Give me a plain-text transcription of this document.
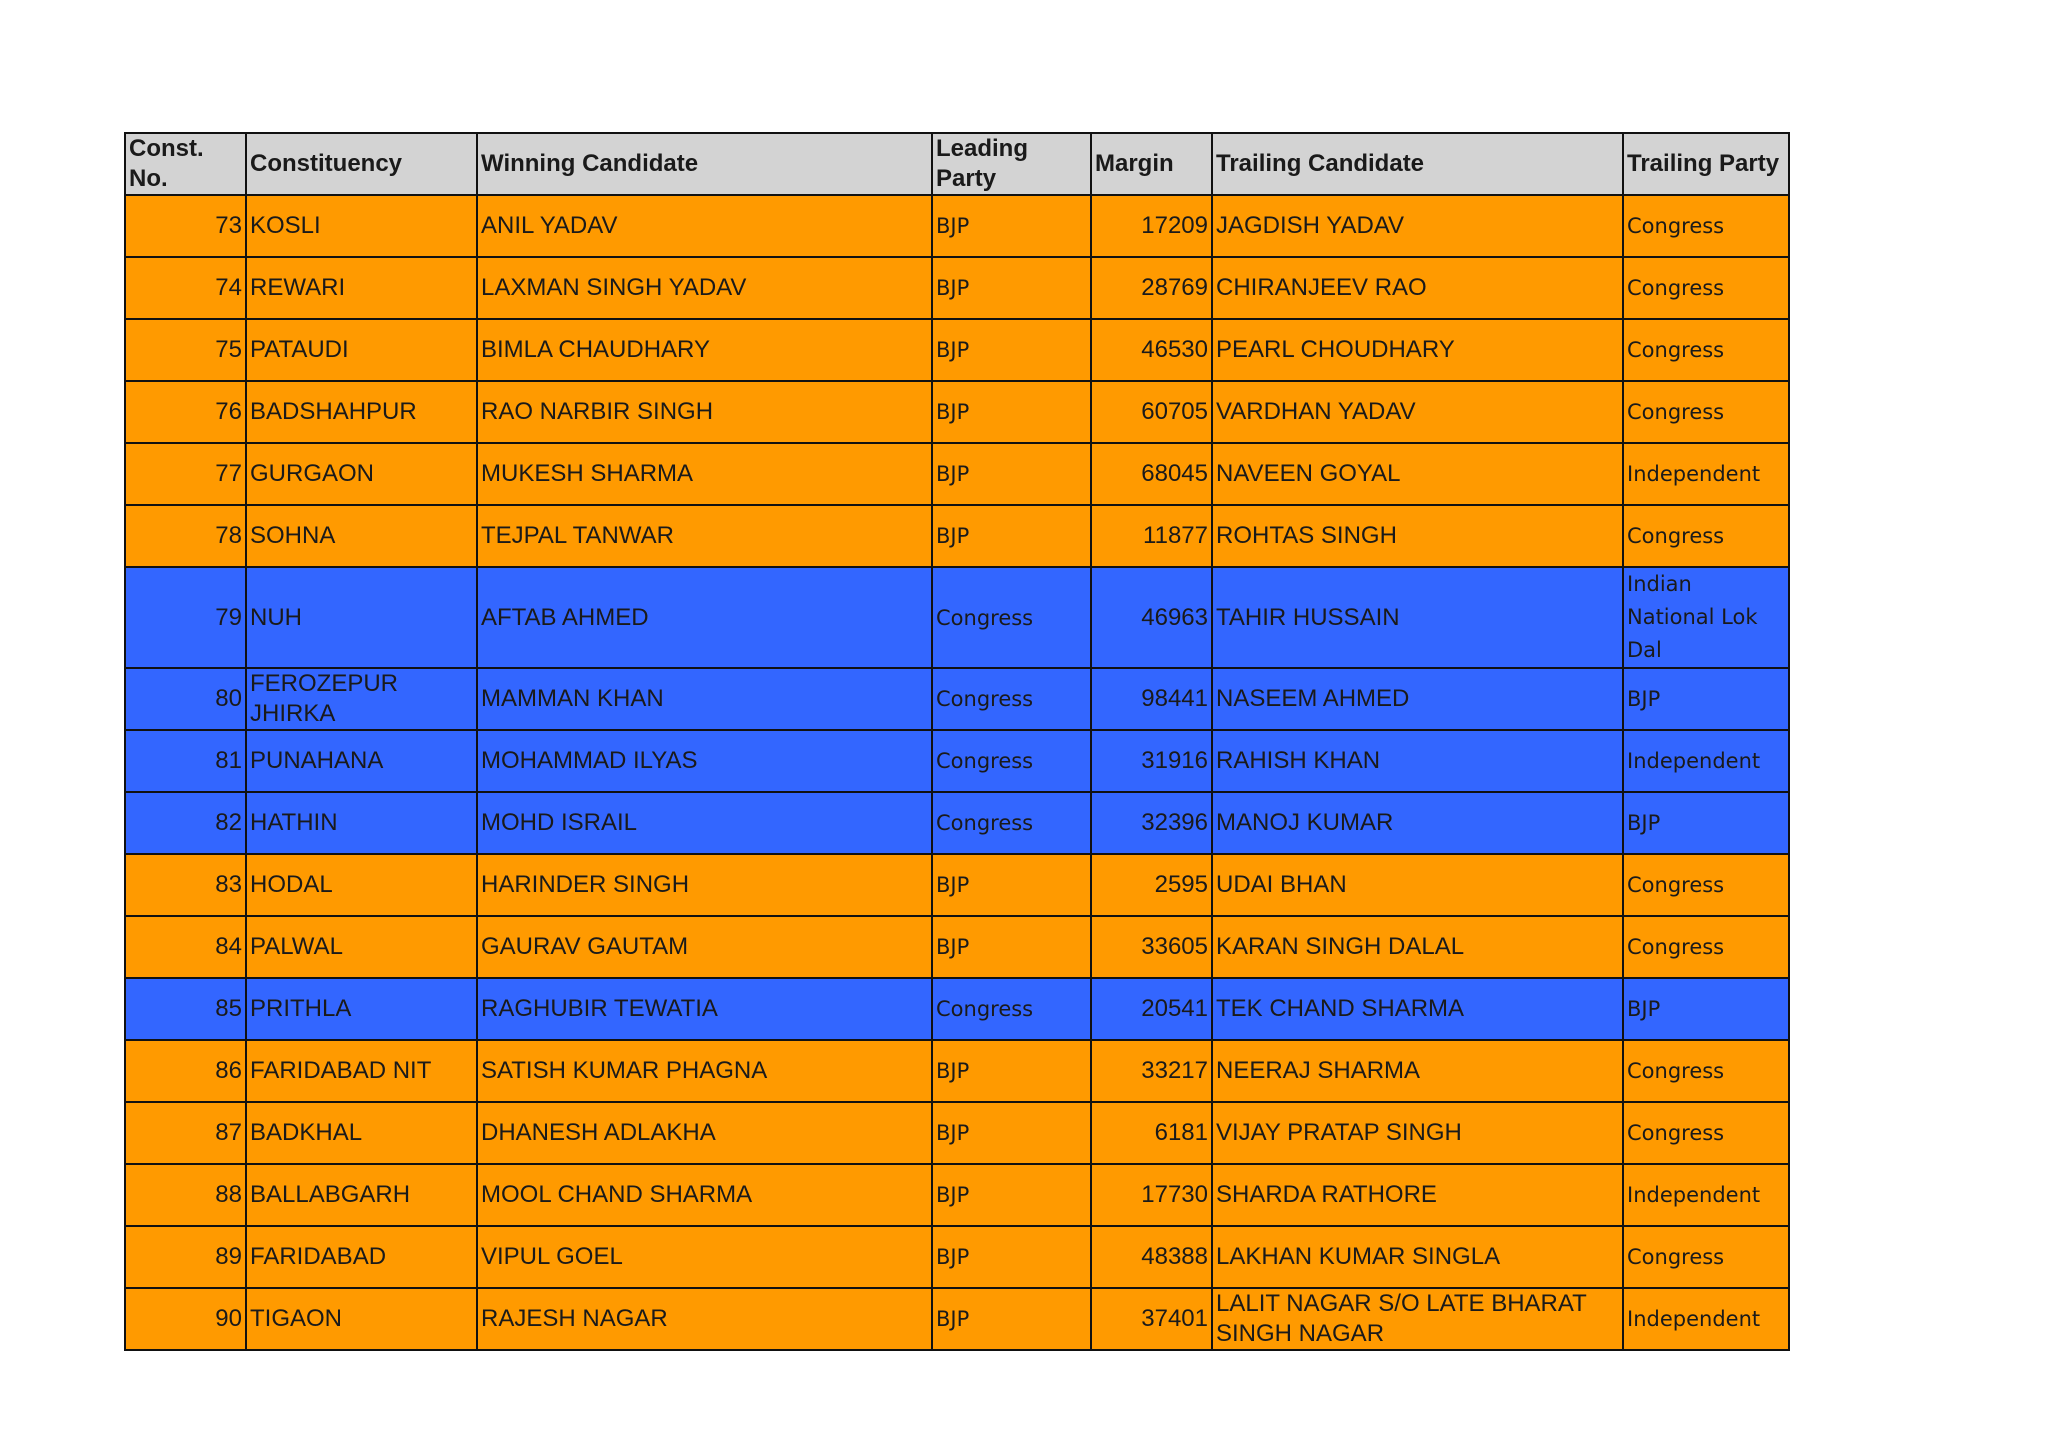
Const. No.	Constituency	Winning Candidate	Leading Party	Margin	Trailing Candidate	Trailing Party
73	KOSLI	ANIL YADAV	BJP	17209	JAGDISH YADAV	Congress
74	REWARI	LAXMAN SINGH YADAV	BJP	28769	CHIRANJEEV RAO	Congress
75	PATAUDI	BIMLA CHAUDHARY	BJP	46530	PEARL CHOUDHARY	Congress
76	BADSHAHPUR	RAO NARBIR SINGH	BJP	60705	VARDHAN YADAV	Congress
77	GURGAON	MUKESH SHARMA	BJP	68045	NAVEEN GOYAL	Independent
78	SOHNA	TEJPAL TANWAR	BJP	11877	ROHTAS SINGH	Congress
79	NUH	AFTAB AHMED	Congress	46963	TAHIR HUSSAIN	Indian National Lok Dal
80	FEROZEPUR JHIRKA	MAMMAN KHAN	Congress	98441	NASEEM AHMED	BJP
81	PUNAHANA	MOHAMMAD ILYAS	Congress	31916	RAHISH KHAN	Independent
82	HATHIN	MOHD ISRAIL	Congress	32396	MANOJ KUMAR	BJP
83	HODAL	HARINDER SINGH	BJP	2595	UDAI BHAN	Congress
84	PALWAL	GAURAV GAUTAM	BJP	33605	KARAN SINGH DALAL	Congress
85	PRITHLA	RAGHUBIR TEWATIA	Congress	20541	TEK CHAND SHARMA	BJP
86	FARIDABAD NIT	SATISH KUMAR PHAGNA	BJP	33217	NEERAJ SHARMA	Congress
87	BADKHAL	DHANESH ADLAKHA	BJP	6181	VIJAY PRATAP SINGH	Congress
88	BALLABGARH	MOOL CHAND SHARMA	BJP	17730	SHARDA RATHORE	Independent
89	FARIDABAD	VIPUL GOEL	BJP	48388	LAKHAN KUMAR SINGLA	Congress
90	TIGAON	RAJESH NAGAR	BJP	37401	LALIT NAGAR S/O LATE BHARAT SINGH NAGAR	Independent
